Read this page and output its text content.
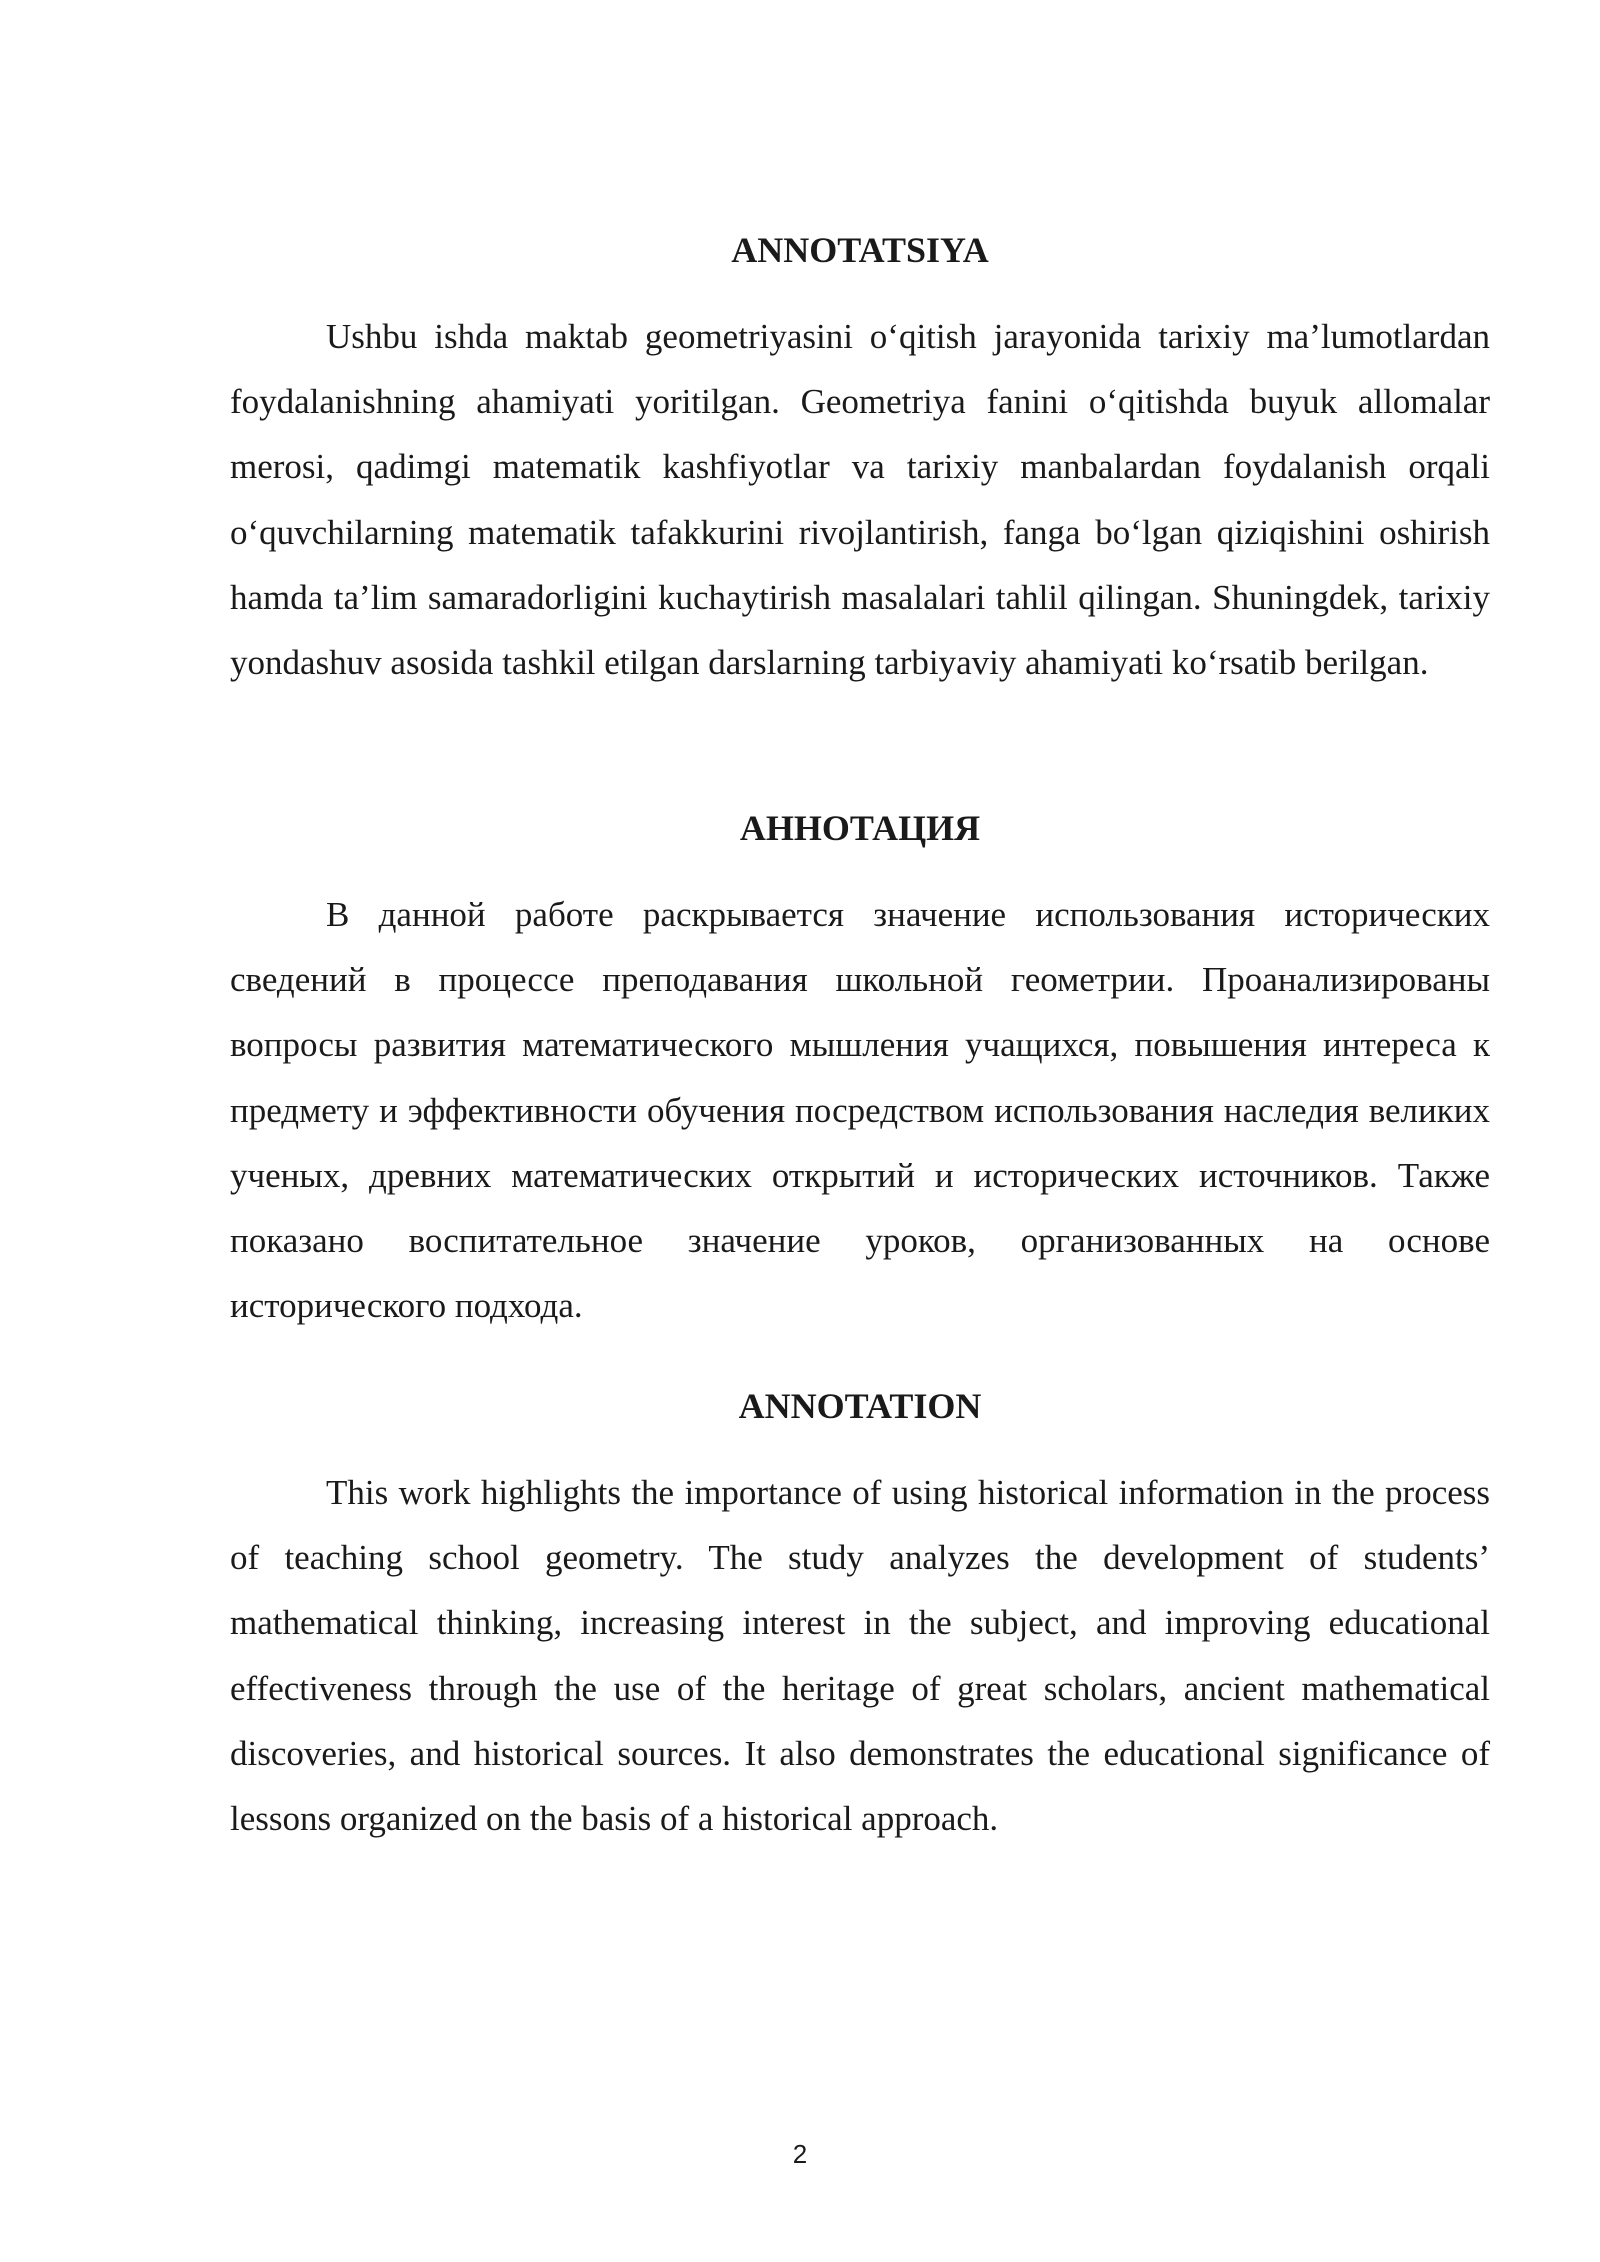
ANNOTATSIYA

Ushbu ishda maktab geometriyasini o‘qitish jarayonida tarixiy ma’lumotlardan foydalanishning ahamiyati yoritilgan. Geometriya fanini o‘qitishda buyuk allomalar merosi, qadimgi matematik kashfiyotlar va tarixiy manbalardan foydalanish orqali o‘quvchilarning matematik tafakkurini rivojlantirish, fanga bo‘lgan qiziqishini oshirish hamda ta’lim samaradorligini kuchaytirish masalalari tahlil qilingan. Shuningdek, tarixiy yondashuv asosida tashkil etilgan darslarning tarbiyaviy ahamiyati ko‘rsatib berilgan.

АННОТАЦИЯ

В данной работе раскрывается значение использования исторических сведений в процессе преподавания школьной геометрии. Проанализированы вопросы развития математического мышления учащихся, повышения интереса к предмету и эффективности обучения посредством использования наследия великих ученых, древних математических открытий и исторических источников. Также показано воспитательное значение уроков, организованных на основе исторического подхода.

ANNOTATION

This work highlights the importance of using historical information in the process of teaching school geometry. The study analyzes the development of students’ mathematical thinking, increasing interest in the subject, and improving educational effectiveness through the use of the heritage of great scholars, ancient mathematical discoveries, and historical sources. It also demonstrates the educational significance of lessons organized on the basis of a historical approach.

2
